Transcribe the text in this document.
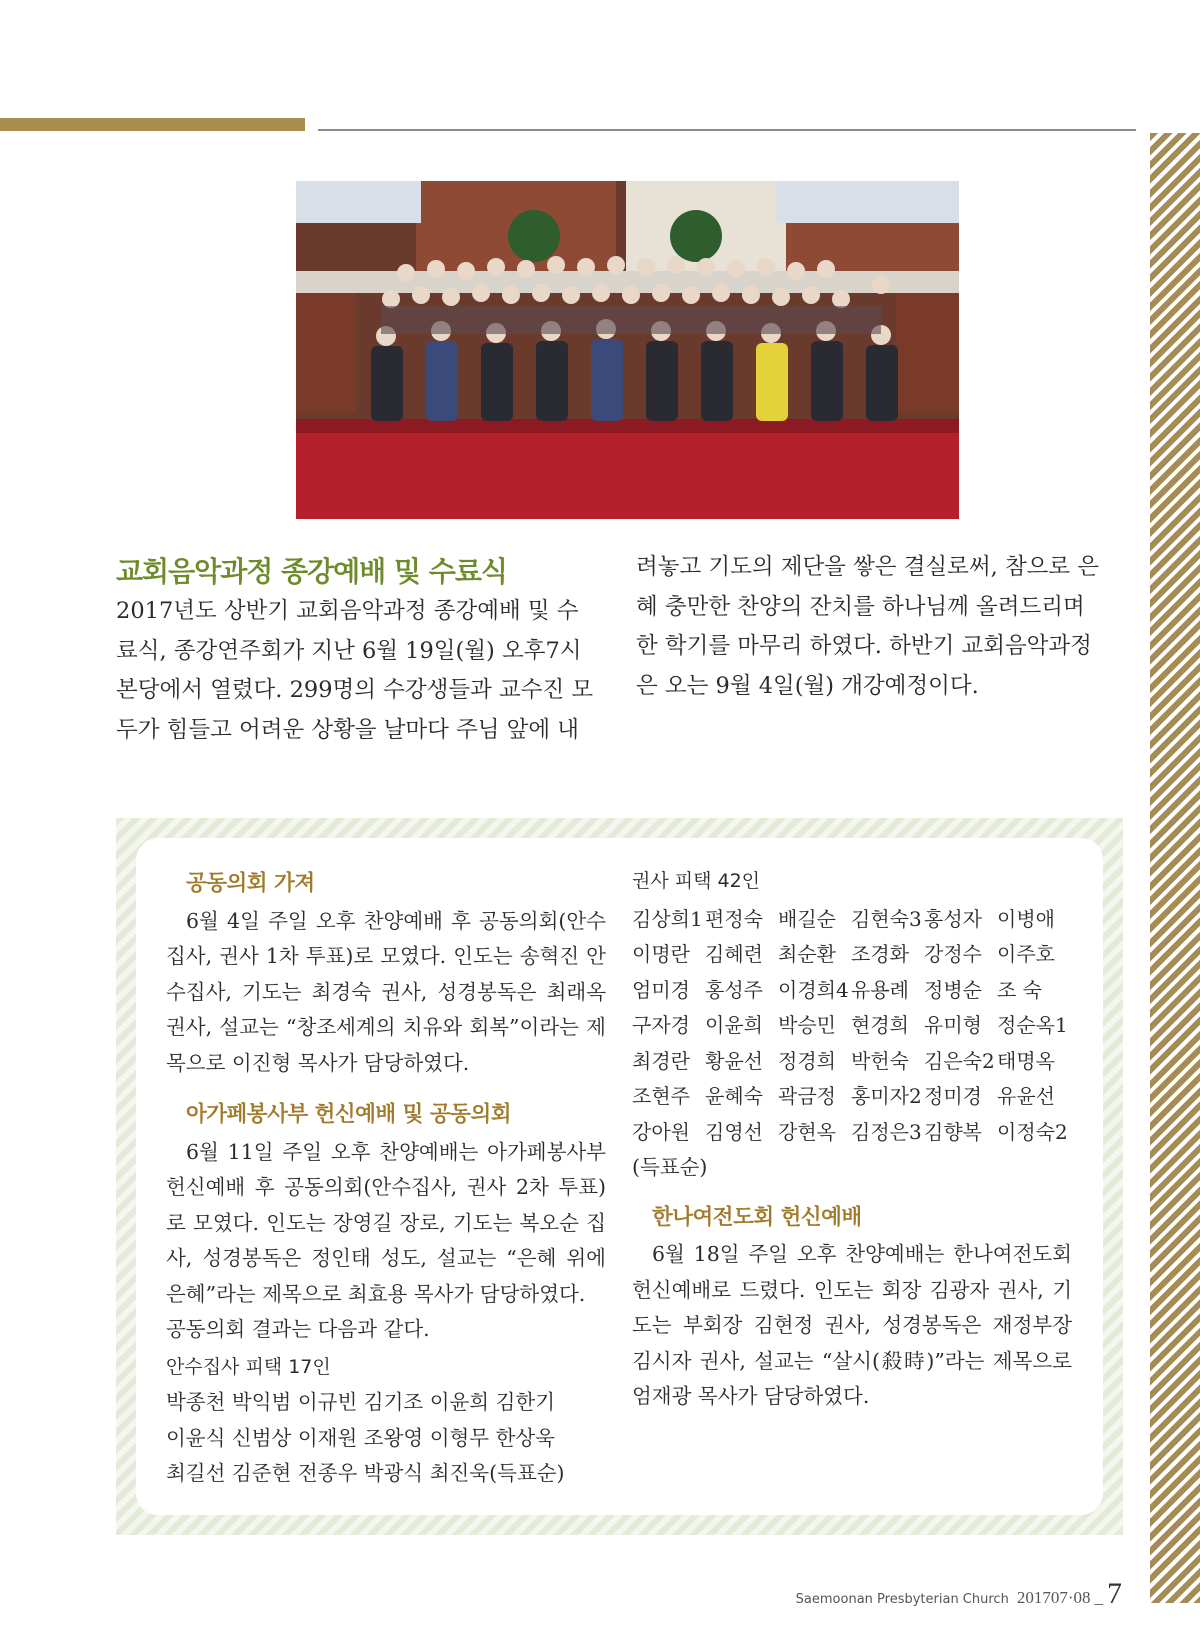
교회음악과정 종강예배 및 수료식

2017년도 상반기 교회음악과정 종강예배 및 수

료식, 종강연주회가 지난 6월 19일(월) 오후7시

본당에서 열렸다. 299명의 수강생들과 교수진 모

두가 힘들고 어려운 상황을 날마다 주님 앞에 내

려놓고 기도의 제단을 쌓은 결실로써, 참으로 은

혜 충만한 찬양의 잔치를 하나님께 올려드리며

한 학기를 마무리 하였다. 하반기 교회음악과정

은 오는 9월 4일(월) 개강예정이다.

공동의회 가져

6월 4일 주일 오후 찬양예배 후 공동의회(안수집사, 권사 1차 투표)로 모였다. 인도는 송혁진 안수집사, 기도는 최경숙 권사, 성경봉독은 최래옥 권사, 설교는 “창조세계의 치유와 회복”이라는 제목으로 이진형 목사가 담당하였다.

아가페봉사부 헌신예배 및 공동의회

6월 11일 주일 오후 찬양예배는 아가페봉사부 헌신예배 후 공동의회(안수집사, 권사 2차 투표)로 모였다. 인도는 장영길 장로, 기도는 복오순 집사, 성경봉독은 정인태 성도, 설교는 “은혜 위에 은혜”라는 제목으로 최효용 목사가 담당하였다.

공동의회 결과는 다음과 같다.

안수집사 피택 17인

박종천 박익범 이규빈 김기조 이윤희 김한기

이윤식 신범상 이재원 조왕영 이형무 한상욱

최길선 김준현 전종우 박광식 최진욱(득표순)

권사 피택 42인

김상희1 편정숙 배길순 김현숙3 홍성자 이병애
이명란 김혜련 최순환 조경화 강정수 이주호
엄미경 홍성주 이경희4 유용례 정병순 조 숙
구자경 이윤희 박승민 현경희 유미형 정순옥1
최경란 황윤선 정경희 박헌숙 김은숙2 태명옥
조현주 윤혜숙 곽금정 홍미자2 정미경 유윤선
강아원 김영선 강현옥 김정은3 김향복 이정숙2

(득표순)

한나여전도회 헌신예배

6월 18일 주일 오후 찬양예배는 한나여전도회 헌신예배로 드렸다. 인도는 회장 김광자 권사, 기도는 부회장 김현정 권사, 성경봉독은 재정부장 김시자 권사, 설교는 “살시(殺時)”라는 제목으로 엄재광 목사가 담당하였다.

Saemoonan Presbyterian Church 201707·08 _ 7
